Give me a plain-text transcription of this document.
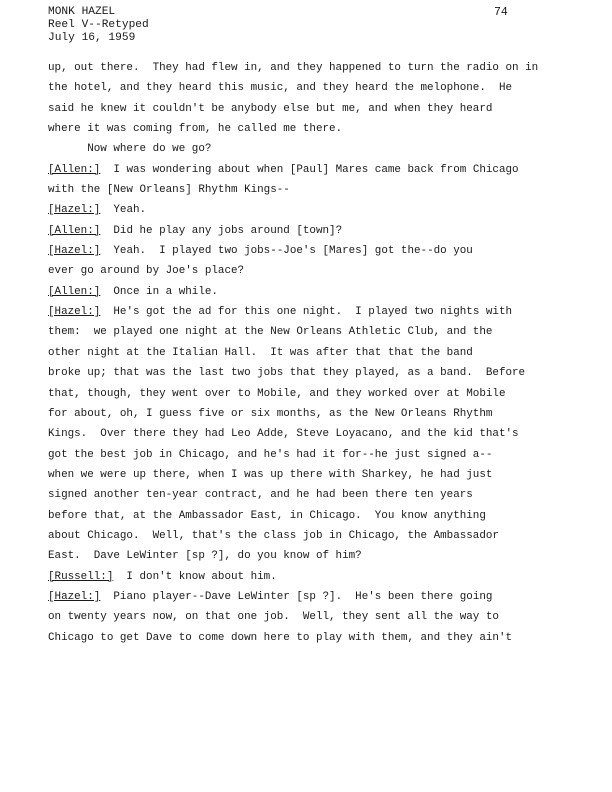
MONK HAZEL
Reel V--Retyped
July 16, 1959
74
up, out there.  They had flew in, and they happened to turn the radio on in
the hotel, and they heard this music, and they heard the melophone.  He
said he knew it couldn't be anybody else but me, and when they heard
where it was coming from, he called me there.
Now where do we go?
[Allen:]  I was wondering about when [Paul] Mares came back from Chicago
with the [New Orleans] Rhythm Kings--
[Hazel:]  Yeah.
[Allen:]  Did he play any jobs around [town]?
[Hazel:]  Yeah.  I played two jobs--Joe's [Mares] got the--do you
ever go around by Joe's place?
[Allen:]  Once in a while.
[Hazel:]  He's got the ad for this one night.  I played two nights with
them:  we played one night at the New Orleans Athletic Club, and the
other night at the Italian Hall.  It was after that that the band
broke up; that was the last two jobs that they played, as a band.  Before
that, though, they went over to Mobile, and they worked over at Mobile
for about, oh, I guess five or six months, as the New Orleans Rhythm
Kings.  Over there they had Leo Adde, Steve Loyacano, and the kid that's
got the best job in Chicago, and he's had it for--he just signed a--
when we were up there, when I was up there with Sharkey, he had just
signed another ten-year contract, and he had been there ten years
before that, at the Ambassador East, in Chicago.  You know anything
about Chicago.  Well, that's the class job in Chicago, the Ambassador
East.  Dave LeWinter [sp ?], do you know of him?
[Russell:]  I don't know about him.
[Hazel:]  Piano player--Dave LeWinter [sp ?].  He's been there going
on twenty years now, on that one job.  Well, they sent all the way to
Chicago to get Dave to come down here to play with them, and they ain't
